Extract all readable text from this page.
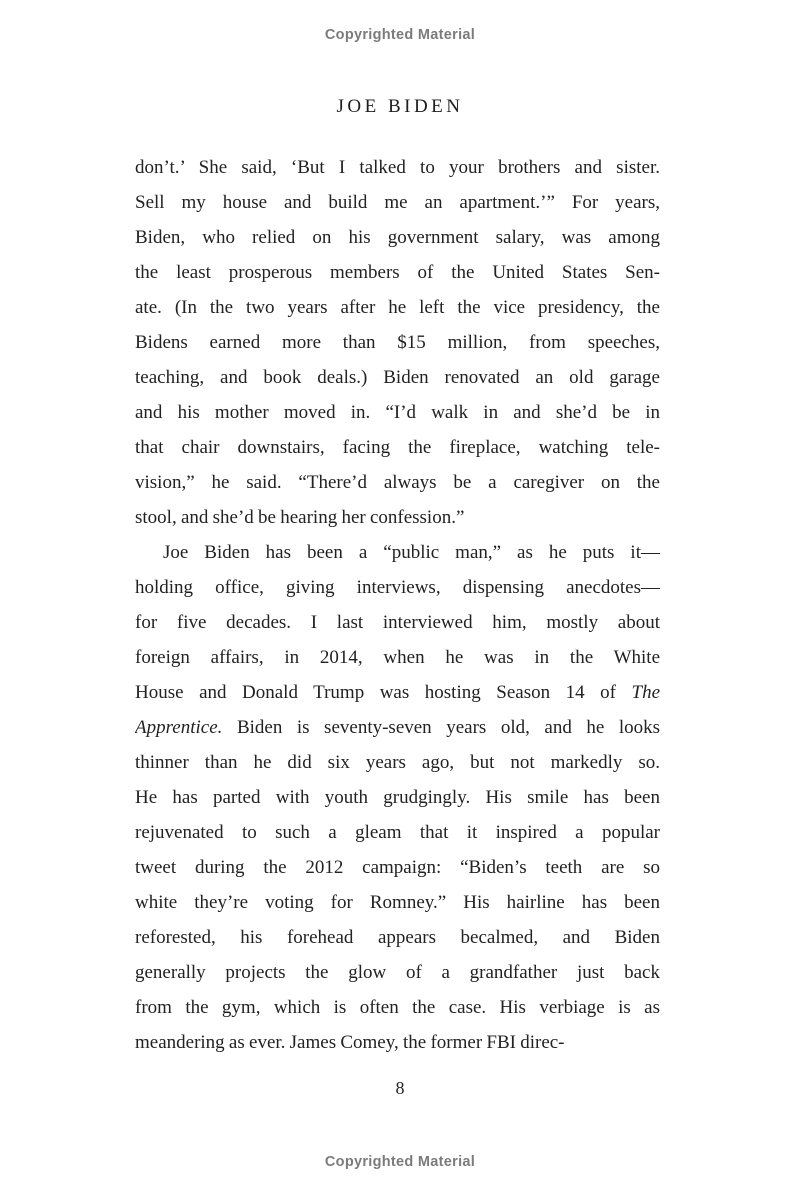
Copyrighted Material
JOE BIDEN
don’t.’ She said, ‘But I talked to your brothers and sister.
Sell my house and build me an apartment.’” For years,
Biden, who relied on his government salary, was among
the least prosperous members of the United States Sen-
ate. (In the two years after he left the vice presidency, the
Bidens earned more than $15 million, from speeches,
teaching, and book deals.) Biden renovated an old garage
and his mother moved in. “I’d walk in and she’d be in
that chair downstairs, facing the fireplace, watching tele-
vision,” he said. “There’d always be a caregiver on the
stool, and she’d be hearing her confession.”
Joe Biden has been a “public man,” as he puts it—
holding office, giving interviews, dispensing anecdotes—
for five decades. I last interviewed him, mostly about
foreign affairs, in 2014, when he was in the White
House and Donald Trump was hosting Season 14 of The
Apprentice. Biden is seventy-seven years old, and he looks
thinner than he did six years ago, but not markedly so.
He has parted with youth grudgingly. His smile has been
rejuvenated to such a gleam that it inspired a popular
tweet during the 2012 campaign: “Biden’s teeth are so
white they’re voting for Romney.” His hairline has been
reforested, his forehead appears becalmed, and Biden
generally projects the glow of a grandfather just back
from the gym, which is often the case. His verbiage is as
meandering as ever. James Comey, the former FBI direc-
8
Copyrighted Material
